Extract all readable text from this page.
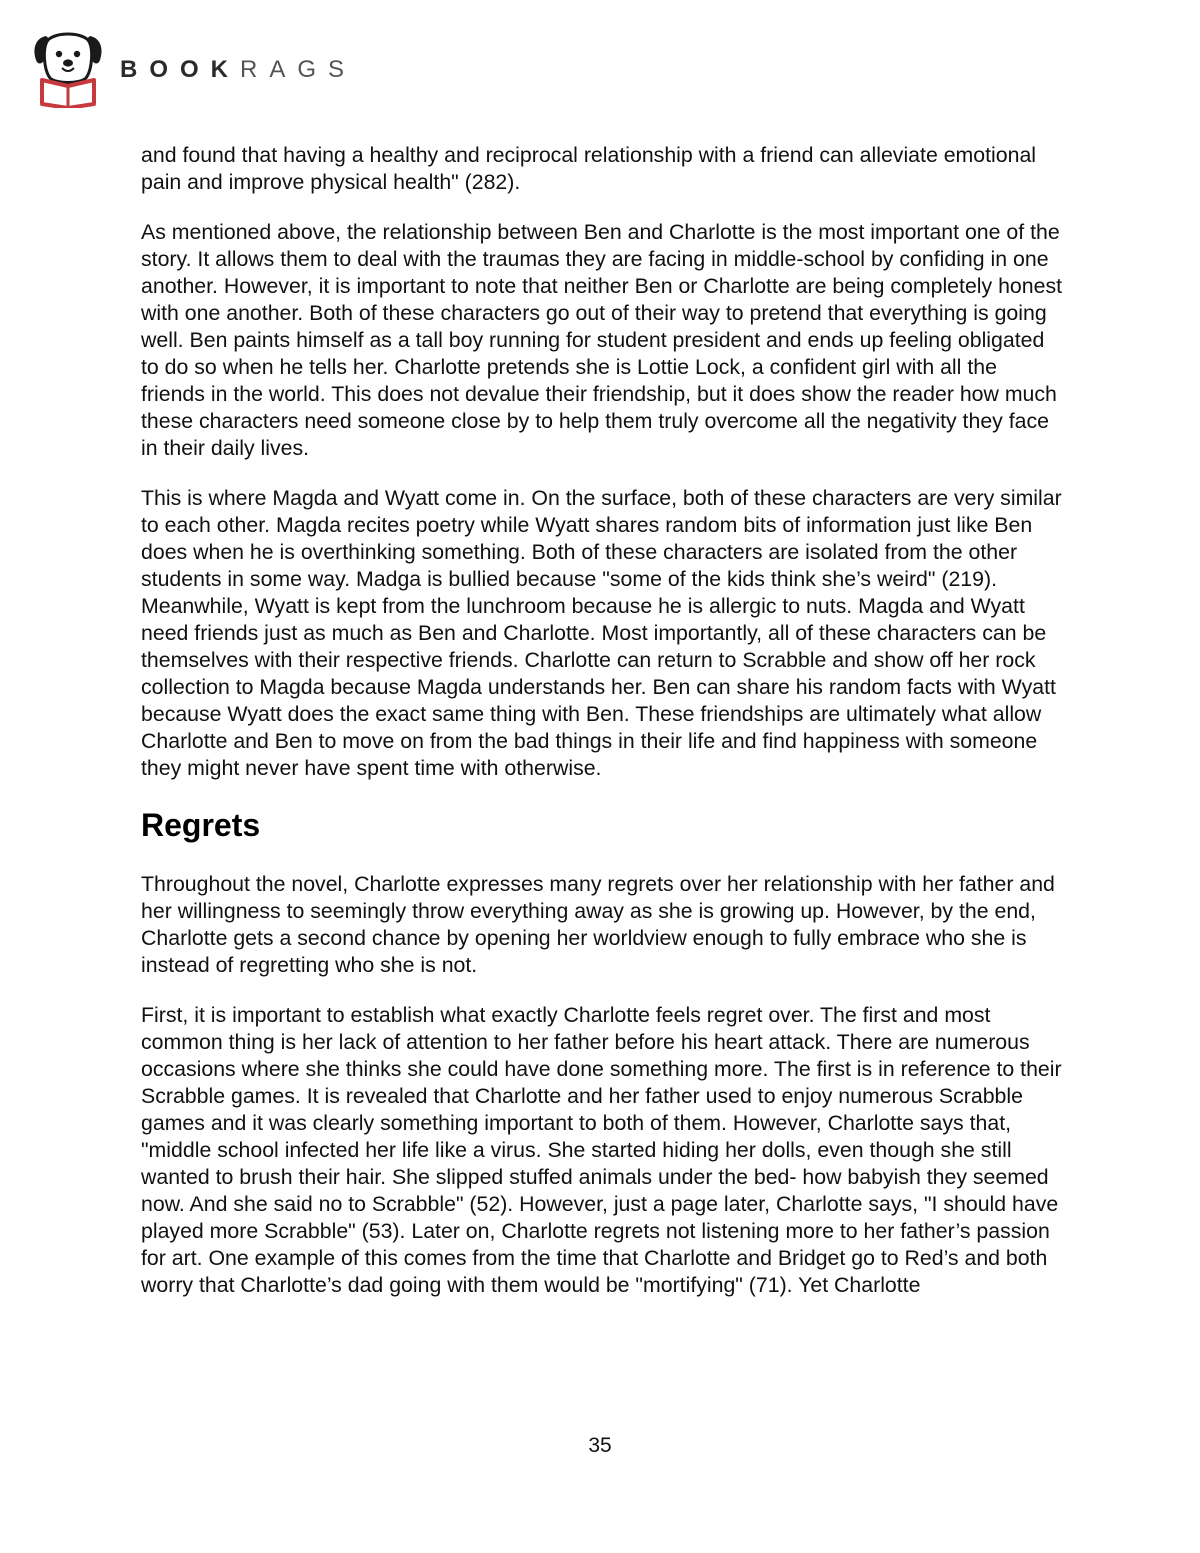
BOOKRAGS

and found that having a healthy and reciprocal relationship with a friend can alleviate emotional pain and improve physical health" (282).

As mentioned above, the relationship between Ben and Charlotte is the most important one of the story. It allows them to deal with the traumas they are facing in middle-school by confiding in one another. However, it is important to note that neither Ben or Charlotte are being completely honest with one another. Both of these characters go out of their way to pretend that everything is going well. Ben paints himself as a tall boy running for student president and ends up feeling obligated to do so when he tells her. Charlotte pretends she is Lottie Lock, a confident girl with all the friends in the world. This does not devalue their friendship, but it does show the reader how much these characters need someone close by to help them truly overcome all the negativity they face in their daily lives.

This is where Magda and Wyatt come in. On the surface, both of these characters are very similar to each other. Magda recites poetry while Wyatt shares random bits of information just like Ben does when he is overthinking something. Both of these characters are isolated from the other students in some way. Madga is bullied because "some of the kids think she’s weird" (219). Meanwhile, Wyatt is kept from the lunchroom because he is allergic to nuts. Magda and Wyatt need friends just as much as Ben and Charlotte. Most importantly, all of these characters can be themselves with their respective friends. Charlotte can return to Scrabble and show off her rock collection to Magda because Magda understands her. Ben can share his random facts with Wyatt because Wyatt does the exact same thing with Ben. These friendships are ultimately what allow Charlotte and Ben to move on from the bad things in their life and find happiness with someone they might never have spent time with otherwise.

Regrets

Throughout the novel, Charlotte expresses many regrets over her relationship with her father and her willingness to seemingly throw everything away as she is growing up. However, by the end, Charlotte gets a second chance by opening her worldview enough to fully embrace who she is instead of regretting who she is not.

First, it is important to establish what exactly Charlotte feels regret over. The first and most common thing is her lack of attention to her father before his heart attack. There are numerous occasions where she thinks she could have done something more. The first is in reference to their Scrabble games. It is revealed that Charlotte and her father used to enjoy numerous Scrabble games and it was clearly something important to both of them. However, Charlotte says that, "middle school infected her life like a virus. She started hiding her dolls, even though she still wanted to brush their hair. She slipped stuffed animals under the bed- how babyish they seemed now. And she said no to Scrabble" (52). However, just a page later, Charlotte says, "I should have played more Scrabble" (53). Later on, Charlotte regrets not listening more to her father’s passion for art. One example of this comes from the time that Charlotte and Bridget go to Red’s and both worry that Charlotte’s dad going with them would be "mortifying" (71). Yet Charlotte

35
